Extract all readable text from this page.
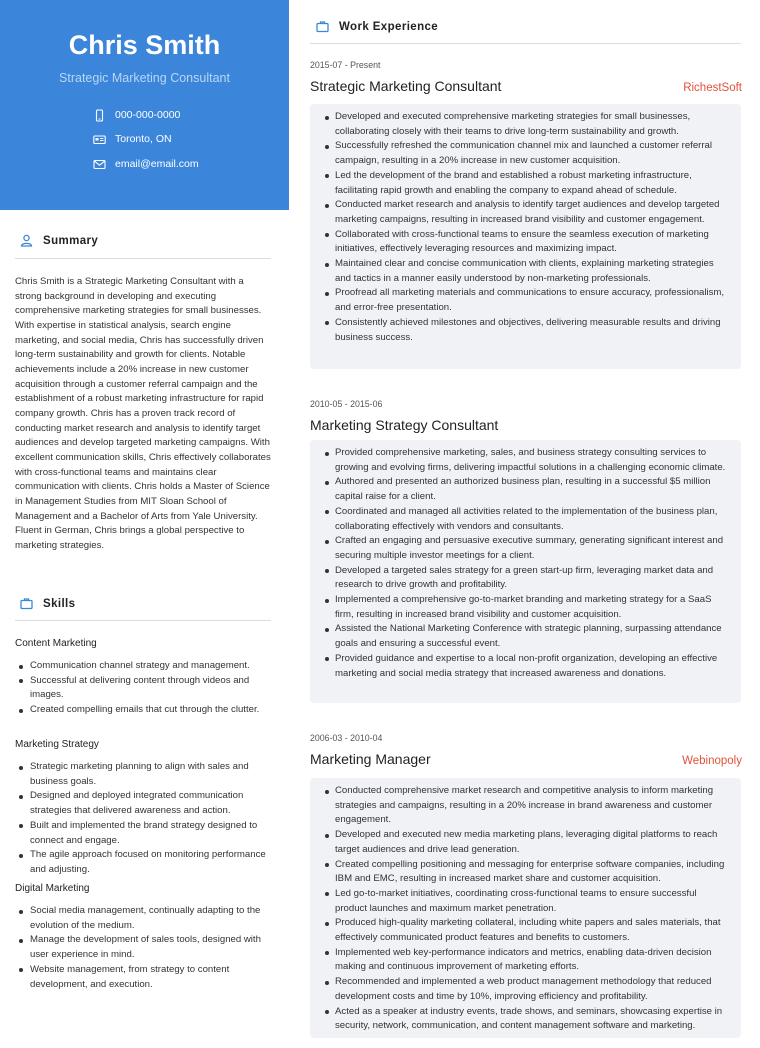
Chris Smith
Strategic Marketing Consultant
000-000-0000
Toronto, ON
email@email.com
Summary
Chris Smith is a Strategic Marketing Consultant with a strong background in developing and executing comprehensive marketing strategies for small businesses. With expertise in statistical analysis, search engine marketing, and social media, Chris has successfully driven long-term sustainability and growth for clients. Notable achievements include a 20% increase in new customer acquisition through a customer referral campaign and the establishment of a robust marketing infrastructure for rapid company growth. Chris has a proven track record of conducting market research and analysis to identify target audiences and develop targeted marketing campaigns. With excellent communication skills, Chris effectively collaborates with cross-functional teams and maintains clear communication with clients. Chris holds a Master of Science in Management Studies from MIT Sloan School of Management and a Bachelor of Arts from Yale University. Fluent in German, Chris brings a global perspective to marketing strategies.
Skills
Content Marketing
Communication channel strategy and management.
Successful at delivering content through videos and images.
Created compelling emails that cut through the clutter.
Marketing Strategy
Strategic marketing planning to align with sales and business goals.
Designed and deployed integrated communication strategies that delivered awareness and action.
Built and implemented the brand strategy designed to connect and engage.
The agile approach focused on monitoring performance and adjusting.
Digital Marketing
Social media management, continually adapting to the evolution of the medium.
Manage the development of sales tools, designed with user experience in mind.
Website management, from strategy to content development, and execution.
Work Experience
2015-07 - Present
Strategic Marketing Consultant	RichestSoft
Developed and executed comprehensive marketing strategies for small businesses, collaborating closely with their teams to drive long-term sustainability and growth.
Successfully refreshed the communication channel mix and launched a customer referral campaign, resulting in a 20% increase in new customer acquisition.
Led the development of the brand and established a robust marketing infrastructure, facilitating rapid growth and enabling the company to expand ahead of schedule.
Conducted market research and analysis to identify target audiences and develop targeted marketing campaigns, resulting in increased brand visibility and customer engagement.
Collaborated with cross-functional teams to ensure the seamless execution of marketing initiatives, effectively leveraging resources and maximizing impact.
Maintained clear and concise communication with clients, explaining marketing strategies and tactics in a manner easily understood by non-marketing professionals.
Proofread all marketing materials and communications to ensure accuracy, professionalism, and error-free presentation.
Consistently achieved milestones and objectives, delivering measurable results and driving business success.
2010-05 - 2015-06
Marketing Strategy Consultant
Provided comprehensive marketing, sales, and business strategy consulting services to growing and evolving firms, delivering impactful solutions in a challenging economic climate.
Authored and presented an authorized business plan, resulting in a successful $5 million capital raise for a client.
Coordinated and managed all activities related to the implementation of the business plan, collaborating effectively with vendors and consultants.
Crafted an engaging and persuasive executive summary, generating significant interest and securing multiple investor meetings for a client.
Developed a targeted sales strategy for a green start-up firm, leveraging market data and research to drive growth and profitability.
Implemented a comprehensive go-to-market branding and marketing strategy for a SaaS firm, resulting in increased brand visibility and customer acquisition.
Assisted the National Marketing Conference with strategic planning, surpassing attendance goals and ensuring a successful event.
Provided guidance and expertise to a local non-profit organization, developing an effective marketing and social media strategy that increased awareness and donations.
2006-03 - 2010-04
Marketing Manager	Webinopoly
Conducted comprehensive market research and competitive analysis to inform marketing strategies and campaigns, resulting in a 20% increase in brand awareness and customer engagement.
Developed and executed new media marketing plans, leveraging digital platforms to reach target audiences and drive lead generation.
Created compelling positioning and messaging for enterprise software companies, including IBM and EMC, resulting in increased market share and customer acquisition.
Led go-to-market initiatives, coordinating cross-functional teams to ensure successful product launches and maximum market penetration.
Produced high-quality marketing collateral, including white papers and sales materials, that effectively communicated product features and benefits to customers.
Implemented web key-performance indicators and metrics, enabling data-driven decision making and continuous improvement of marketing efforts.
Recommended and implemented a web product management methodology that reduced development costs and time by 10%, improving efficiency and profitability.
Acted as a speaker at industry events, trade shows, and seminars, showcasing expertise in security, network, communication, and content management software and marketing.
